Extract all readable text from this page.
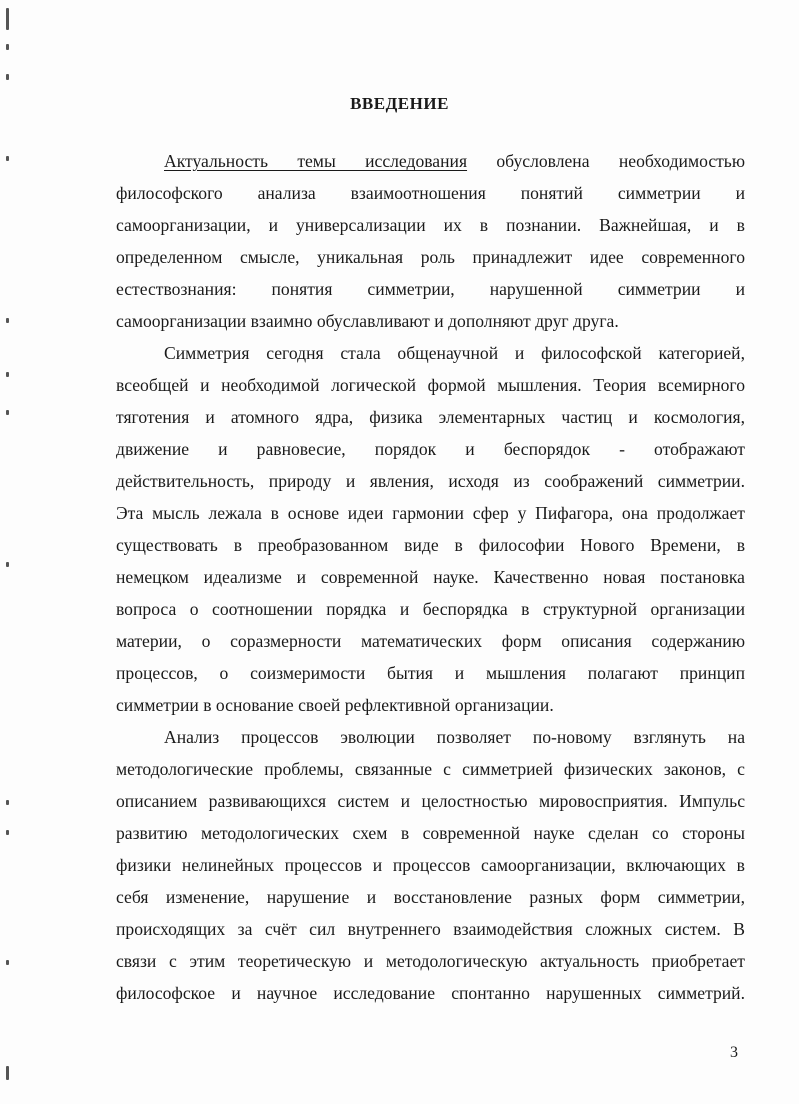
ВВЕДЕНИЕ
Актуальность темы исследования обусловлена необходимостью
философского анализа взаимоотношения понятий симметрии и
самоорганизации, и универсализации их в познании. Важнейшая, и в
определенном смысле, уникальная роль принадлежит идее современного
естествознания: понятия симметрии, нарушенной симметрии и
самоорганизации взаимно обуславливают и дополняют друг друга.
Симметрия сегодня стала общенаучной и философской категорией,
всеобщей и необходимой логической формой мышления. Теория всемирного
тяготения и атомного ядра, физика элементарных частиц и космология,
движение и равновесие, порядок и беспорядок - отображают
действительность, природу и явления, исходя из соображений симметрии.
Эта мысль лежала в основе идеи гармонии сфер у Пифагора, она продолжает
существовать в преобразованном виде в философии Нового Времени, в
немецком идеализме и современной науке. Качественно новая постановка
вопроса о соотношении порядка и беспорядка в структурной организации
материи, о соразмерности математических форм описания содержанию
процессов, о соизмеримости бытия и мышления полагают принцип
симметрии в основание своей рефлективной организации.
Анализ процессов эволюции позволяет по-новому взглянуть на
методологические проблемы, связанные с симметрией физических законов, с
описанием развивающихся систем и целостностью мировосприятия. Импульс
развитию методологических схем в современной науке сделан со стороны
физики нелинейных процессов и процессов самоорганизации, включающих в
себя изменение, нарушение и восстановление разных форм симметрии,
происходящих за счёт сил внутреннего взаимодействия сложных систем. В
связи с этим теоретическую и методологическую актуальность приобретает
философское и научное исследование спонтанно нарушенных симметрий.
3
